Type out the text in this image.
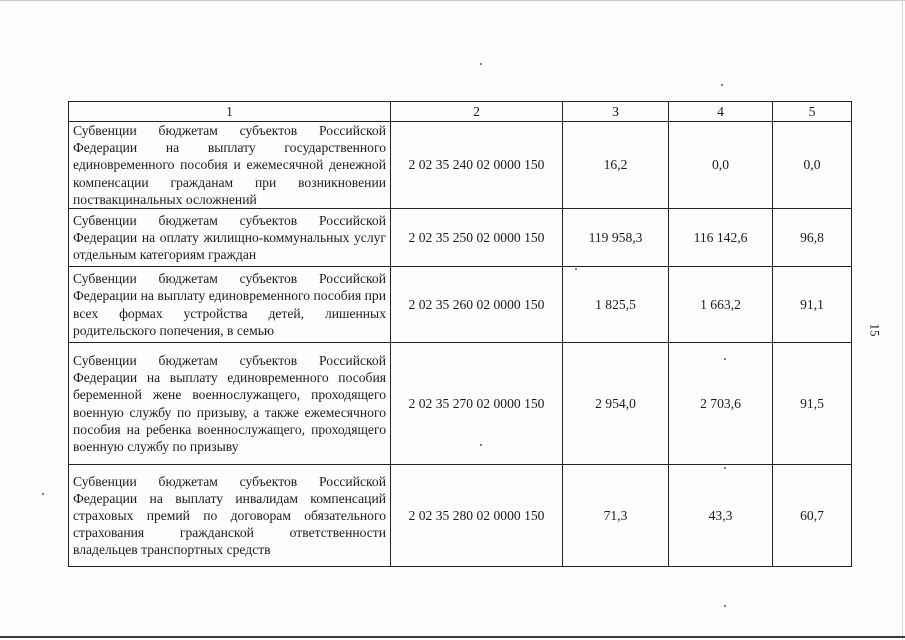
1	2	3	4	5
Субвенции бюджетам субъектов Российской Федерации на выплату государственного единовременного пособия и ежемесячной денежной компенсации гражданам при возникновении поствакцинальных осложнений	2 02 35 240 02 0000 150	16,2	0,0	0,0
Субвенции бюджетам субъектов Российской Федерации на оплату жилищно-коммунальных услуг отдельным категориям граждан	2 02 35 250 02 0000 150	119 958,3	116 142,6	96,8
Субвенции бюджетам субъектов Российской Федерации на выплату единовременного пособия при всех формах устройства детей, лишенных родительского попечения, в семью	2 02 35 260 02 0000 150	1 825,5	1 663,2	91,1
Субвенции бюджетам субъектов Российской Федерации на выплату единовременного пособия беременной жене военнослужащего, проходящего военную службу по призыву, а также ежемесячного пособия на ребенка военнослужащего, проходящего военную службу по призыву	2 02 35 270 02 0000 150	2 954,0	2 703,6	91,5
Субвенции бюджетам субъектов Российской Федерации на выплату инвалидам компенсаций страховых премий по договорам обязательного страхования гражданской ответственности владельцев транспортных средств	2 02 35 280 02 0000 150	71,3	43,3	60,7
15
